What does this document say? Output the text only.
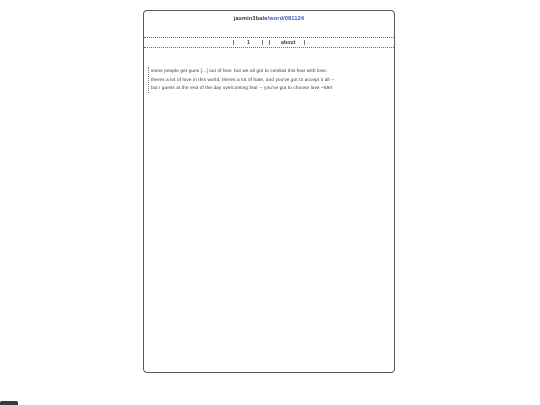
jasmin3bale/word/081124
| 1 | | about |
some people get guns [...] out of fear. but we all got to combat this fear with love.
theres a lot of love in this world, theres a lot of hate, and you've got to accept it all --
but i guess at the end of the day overcoming fear -- you've got to choose love ~59rt
